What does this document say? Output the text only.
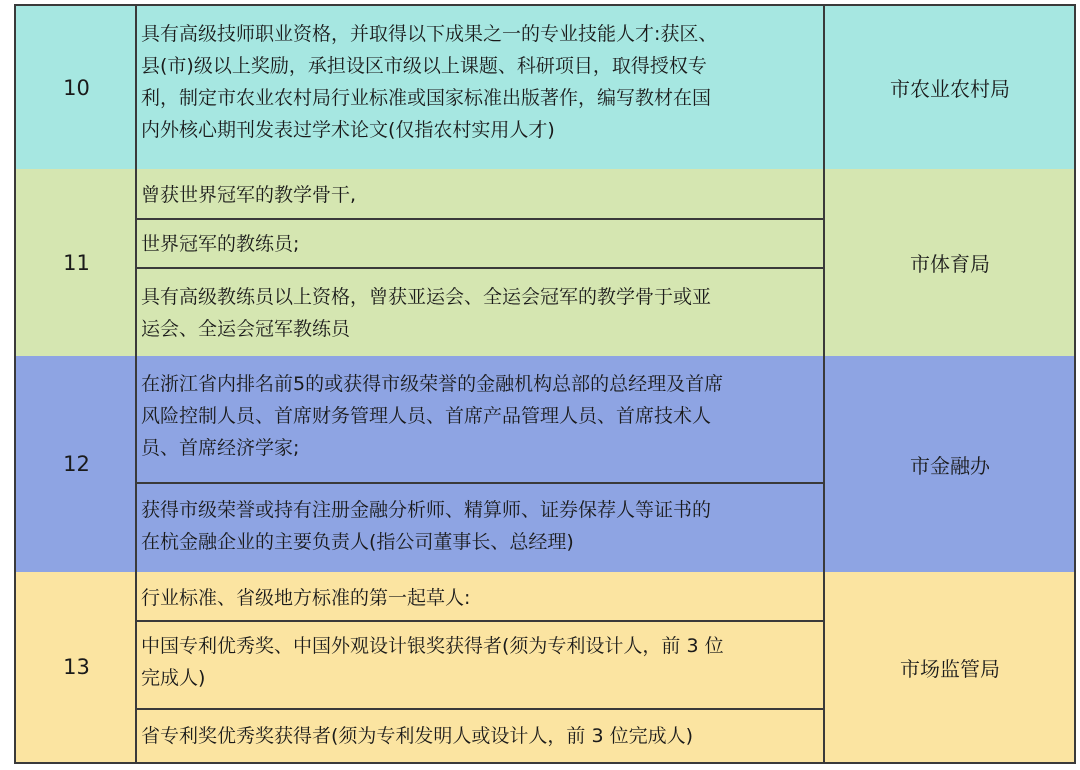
10
具有高级技师职业资格，并取得以下成果之一的专业技能人才:获区、
县(市)级以上奖励，承担设区市级以上课题、科研项目，取得授权专
利，制定市农业农村局行业标准或国家标准出版著作，编写教材在国
内外核心期刊发表过学术论文(仅指农村实用人才)
市农业农村局
11
曾获世界冠军的教学骨干,
世界冠军的教练员;
具有高级教练员以上资格，曾获亚运会、全运会冠军的教学骨于或亚
运会、全运会冠军教练员
市体育局
12
在浙江省内排名前5的或获得市级荣誉的金融机构总部的总经理及首席
风险控制人员、首席财务管理人员、首席产品管理人员、首席技术人
员、首席经济学家;
获得市级荣誉或持有注册金融分析师、精算师、证券保荐人等证书的
在杭金融企业的主要负责人(指公司董事长、总经理)
市金融办
13
行业标准、省级地方标准的第一起草人:
中国专利优秀奖、中国外观设计银奖获得者(须为专利设计人，前 3 位
完成人)
省专利奖优秀奖获得者(须为专利发明人或设计人，前 3 位完成人)
市场监管局
